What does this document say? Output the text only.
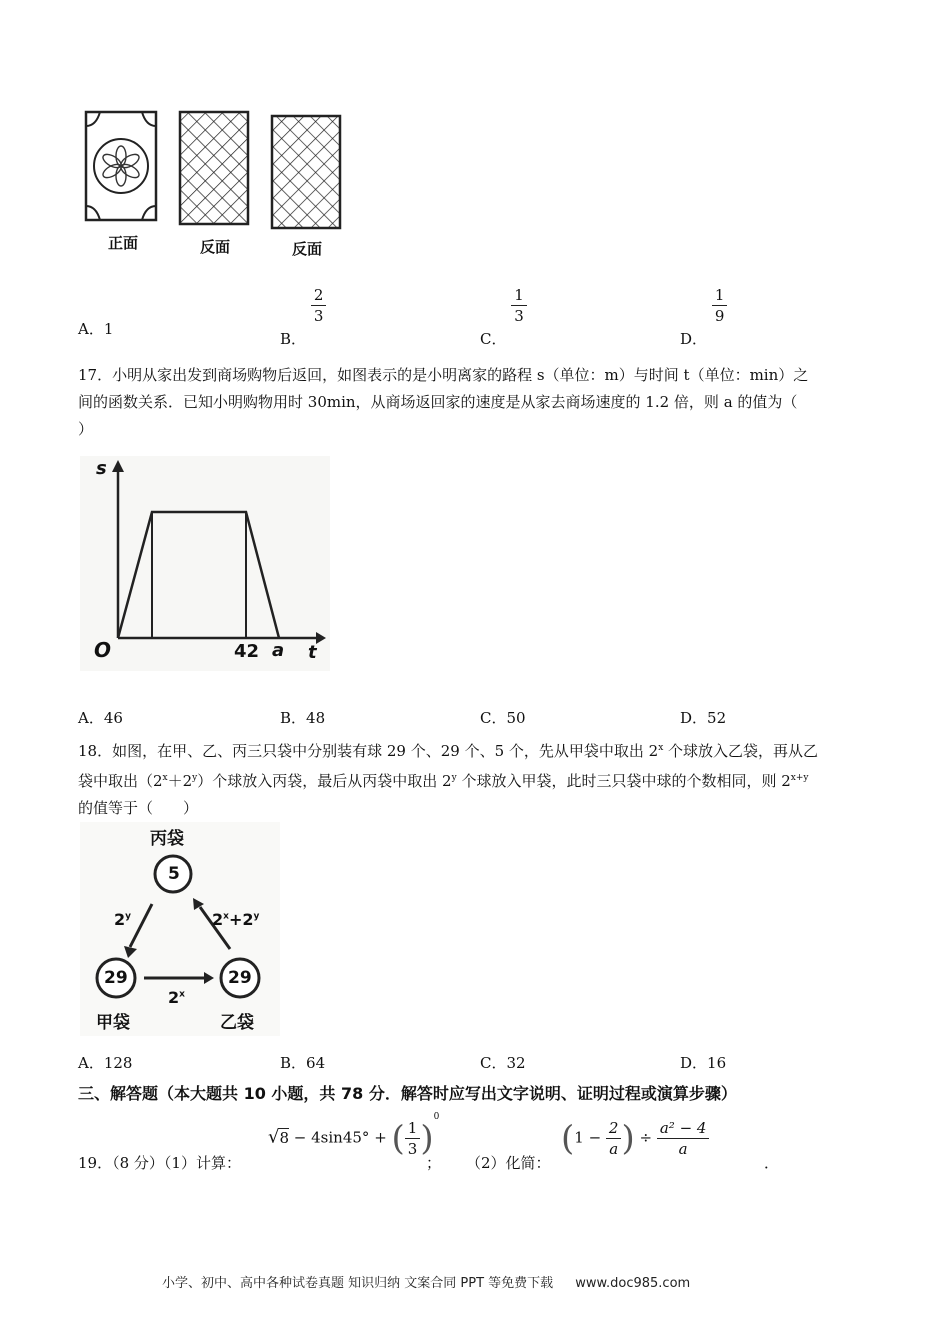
正面	反面	反面
A．1
B．
$\frac{2}{3}$
C．
$\frac{1}{3}$
D．
$\frac{1}{9}$
17．小明从家出发到商场购物后返回，如图表示的是小明离家的路程 s（单位：m）与时间 t（单位：min）之
间的函数关系．已知小明购物用时 30min，从商场返回家的速度是从家去商场速度的 1.2 倍，则 a 的值为（
）
s
t
O	42 a
A．46	B．48	C．50	D．52
18．如图，在甲、乙、丙三只袋中分别装有球 29 个、29 个、5 个，先从甲袋中取出 2$^x$ 个球放入乙袋，再从乙
袋中取出$(2^x+2^y)$个球放入丙袋，最后从丙袋中取出 2$^y$ 个球放入甲袋，此时三只袋中球的个数相同，则 $2^{x+y}$
的值等于（　　）
丙袋
5
29	29
甲袋	乙袋
2$^y$	$2^x+2^y$
2$^x$
A．128	B．64	C．32	D．16
三、解答题（本大题共 10 小题，共 78 分．解答时应写出文字说明、证明过程或演算步骤）
19．（8 分）（1）计算：
√8 − 4sin45° + ( $\frac{1}{3} )^0$
； （2）化简：
($1 - \frac{2}{a}$ ) ÷ $\frac{\text{a² − 4}}{a}$
．
小学、初中、高中各种试卷真题 知识归纳 文案合同 PPT 等免费下载 www.doc985.com
